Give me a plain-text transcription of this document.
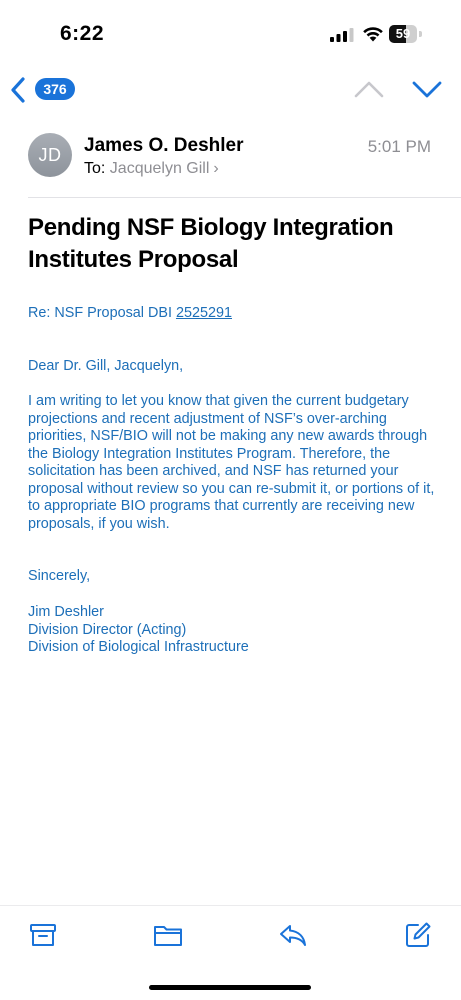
6:22	59
376
JD	James O. Deshler
To: Jacquelyn Gill ›
5:01 PM
Pending NSF Biology Integration Institutes Proposal

Re: NSF Proposal DBI 2525291

Dear Dr. Gill, Jacquelyn,

I am writing to let you know that given the current budgetary projections and recent adjustment of NSF’s over-arching priorities, NSF/BIO will not be making any new awards through the Biology Integration Institutes Program. Therefore, the solicitation has been archived, and NSF has returned your proposal without review so you can re-submit it, or portions of it, to appropriate BIO programs that currently are receiving new proposals, if you wish.

Sincerely,

Jim Deshler
Division Director (Acting)
Division of Biological Infrastructure
